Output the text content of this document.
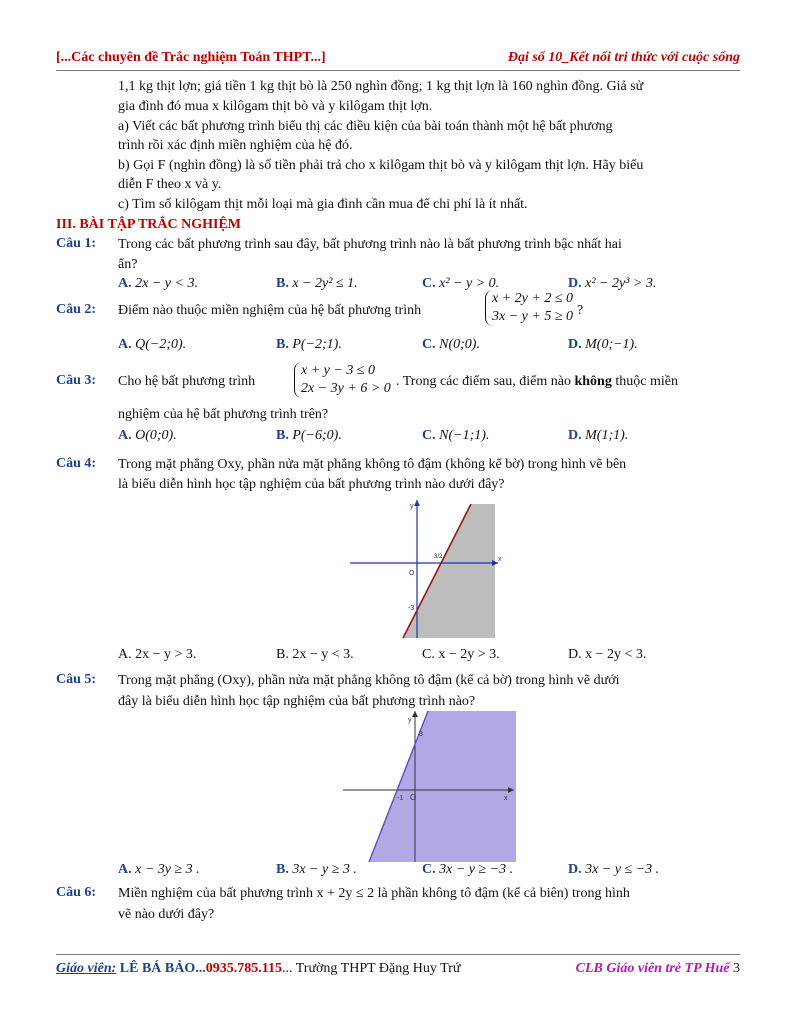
[...Các chuyên đề Trắc nghiệm Toán THPT...]	Đại số 10_Kết nối tri thức với cuộc sống
1,1 kg thịt lợn; giá tiền 1 kg thịt bò là 250 nghìn đồng; 1 kg thịt lợn là 160 nghìn đồng. Giả sử
gia đình đó mua x kilôgam thịt bò và y kilôgam thịt lợn.
a) Viết các bất phương trình biểu thị các điều kiện của bài toán thành một hệ bất phương
trình rồi xác định miền nghiệm của hệ đó.
b) Gọi F (nghìn đồng) là số tiền phải trả cho x kilôgam thịt bò và y kilôgam thịt lợn. Hãy biểu
diễn F theo x và y.
c) Tìm số kilôgam thịt mỗi loại mà gia đình cần mua để chi phí là ít nhất.
III. BÀI TẬP TRẮC NGHIỆM
Câu 1: Trong các bất phương trình sau đây, bất phương trình nào là bất phương trình bậc nhất hai
ẩn?
A. 2x − y < 3.	B. x − 2y² ≤ 1.	C. x² − y > 0.	D. x² − 2y³ > 3.
Câu 2: Điểm nào thuộc miền nghiệm của hệ bất phương trình
x + 2y + 2 ≤ 0
3x − y + 5 ≥ 0 ?
A. Q(−2;0).	B. P(−2;1).	C. N(0;0).	D. M(0;−1).
Câu 3: Cho hệ bất phương trình
x + y − 3 ≤ 0
2x − 3y + 6 > 0 . Trong các điểm sau, điểm nào không thuộc miền
nghiệm của hệ bất phương trình trên?
A. O(0;0).	B. P(−6;0).	C. N(−1;1).	D. M(1;1).
Câu 4: Trong mặt phẳng Oxy, phần nửa mặt phẳng không tô đậm (không kể bờ) trong hình vẽ bên
là biểu diễn hình học tập nghiệm của bất phương trình nào dưới đây?
y
x
O
3/2
-3
A. 2x − y > 3.	B. 2x − y < 3.	C. x − 2y > 3.	D. x − 2y < 3.
Câu 5: Trong mặt phẳng (Oxy), phần nửa mặt phẳng không tô đậm (kể cả bờ) trong hình vẽ dưới
đây là biểu diễn hình học tập nghiệm của bất phương trình nào?
y
x
O
-1
3
A. x − 3y ≥ 3 .	B. 3x − y ≥ 3 .	C. 3x − y ≥ −3 .	D. 3x − y ≤ −3 .
Câu 6: Miền nghiệm của bất phương trình x + 2y ≤ 2 là phần không tô đậm (kể cả biên) trong hình
vẽ nào dưới đây?
Giáo viên: LÊ BÁ BẢO...0935.785.115... Trường THPT Đặng Huy Trứ	CLB Giáo viên trẻ TP Huế 3
